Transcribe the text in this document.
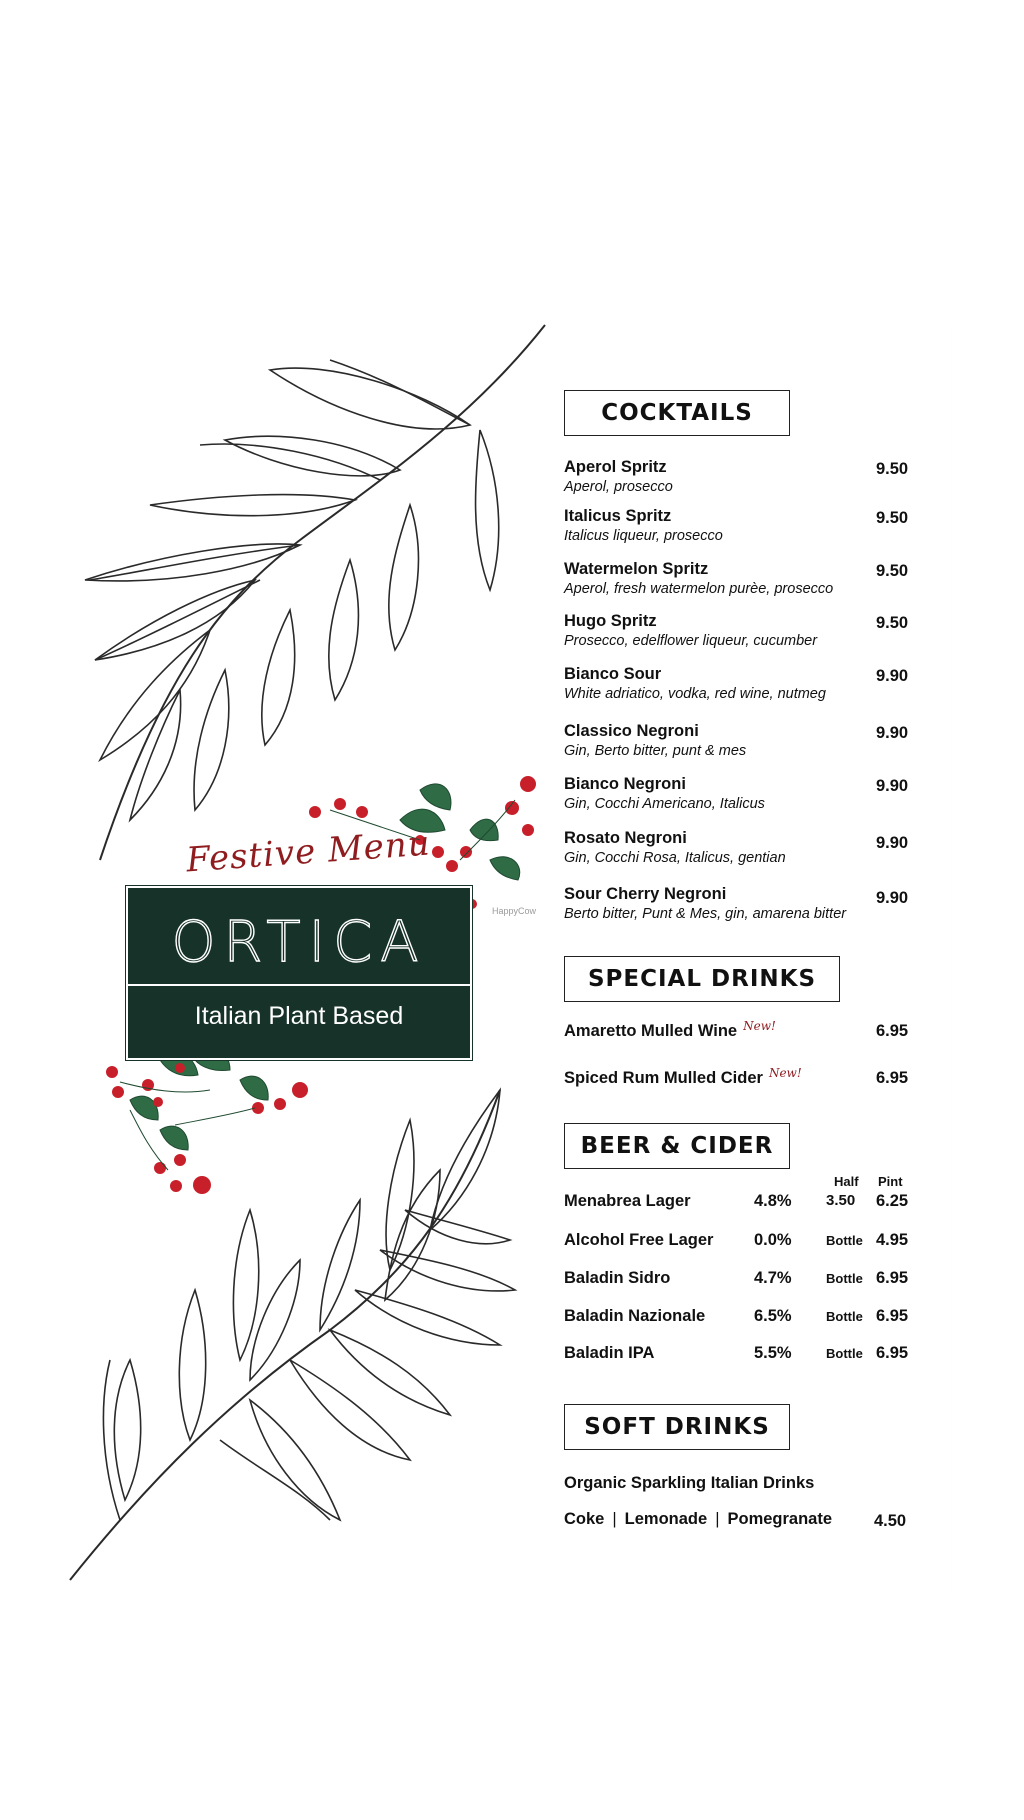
Festive Menu
ORTICA
Italian Plant Based
HappyCow
COCKTAILS
Aperol Spritz
Aperol, prosecco
9.50
Italicus Spritz
Italicus liqueur, prosecco
9.50
Watermelon Spritz
Aperol, fresh watermelon purèe, prosecco
9.50
Hugo Spritz
Prosecco, edelflower liqueur, cucumber
9.50
Bianco Sour
White adriatico, vodka, red wine, nutmeg
9.90
Classico Negroni
Gin, Berto bitter, punt & mes
9.90
Bianco Negroni
Gin, Cocchi Americano, Italicus
9.90
Rosato Negroni
Gin, Cocchi Rosa, Italicus, gentian
9.90
Sour Cherry Negroni
Berto bitter, Punt & Mes, gin, amarena bitter
9.90
SPECIAL DRINKS
Amaretto Mulled Wine $^{New!}$	6.95
Spiced Rum Mulled Cider $^{New!}$	6.95
BEER & CIDER
Half Pint
Menabrea Lager	4.8% 3.50 6.25
Alcohol Free Lager 0.0%	Bottle 4.95
Baladin Sidro	4.7%	Bottle 6.95
Baladin Nazionale	6.5%	Bottle 6.95
Baladin IPA	5.5%	Bottle 6.95
SOFT DRINKS
Organic Sparkling Italian Drinks
Coke | Lemonade | Pomegranate	4.50
